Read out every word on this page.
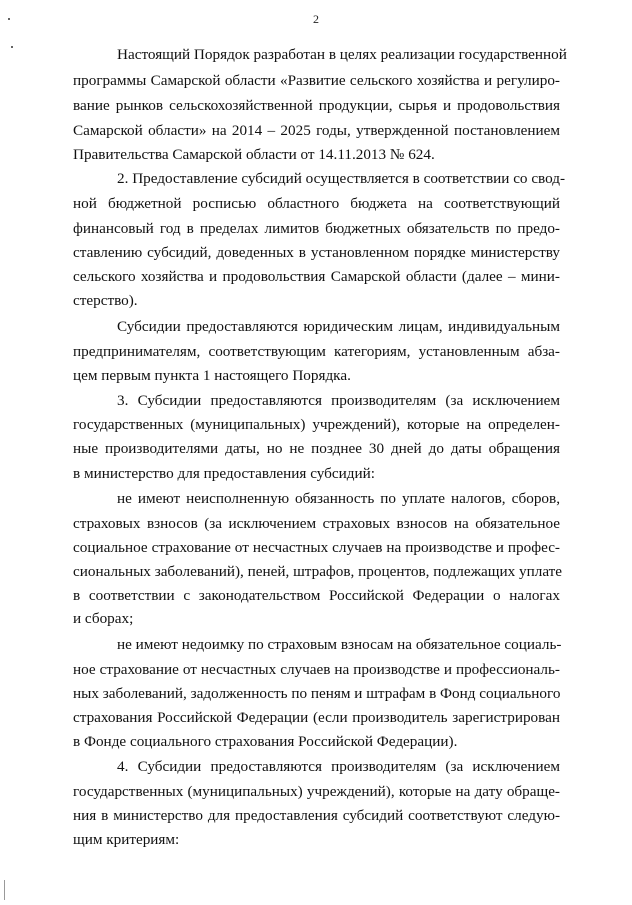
2
Настоящий Порядок разработан в целях реализации государственной
программы Самарской области «Развитие сельского хозяйства и регулиро-
вание рынков сельскохозяйственной продукции, сырья и продовольствия
Самарской области» на 2014 – 2025 годы, утвержденной постановлением
Правительства Самарской области от 14.11.2013 № 624.
2. Предоставление субсидий осуществляется в соответствии со свод-
ной бюджетной росписью областного бюджета на соответствующий
финансовый год в пределах лимитов бюджетных обязательств по предо-
ставлению субсидий, доведенных в установленном порядке министерству
сельского хозяйства и продовольствия Самарской области (далее – мини-
стерство).
Субсидии предоставляются юридическим лицам, индивидуальным
предпринимателям, соответствующим категориям, установленным абза-
цем первым пункта 1 настоящего Порядка.
3. Субсидии предоставляются производителям (за исключением
государственных (муниципальных) учреждений), которые на определен-
ные производителями даты, но не позднее 30 дней до даты обращения
в министерство для предоставления субсидий:
не имеют неисполненную обязанность по уплате налогов, сборов,
страховых взносов (за исключением страховых взносов на обязательное
социальное страхование от несчастных случаев на производстве и профес-
сиональных заболеваний), пеней, штрафов, процентов, подлежащих уплате
в соответствии с законодательством Российской Федерации о налогах
и сборах;
не имеют недоимку по страховым взносам на обязательное социаль-
ное страхование от несчастных случаев на производстве и профессиональ-
ных заболеваний, задолженность по пеням и штрафам в Фонд социального
страхования Российской Федерации (если производитель зарегистрирован
в Фонде социального страхования Российской Федерации).
4. Субсидии предоставляются производителям (за исключением
государственных (муниципальных) учреждений), которые на дату обраще-
ния в министерство для предоставления субсидий соответствуют следую-
щим критериям:
